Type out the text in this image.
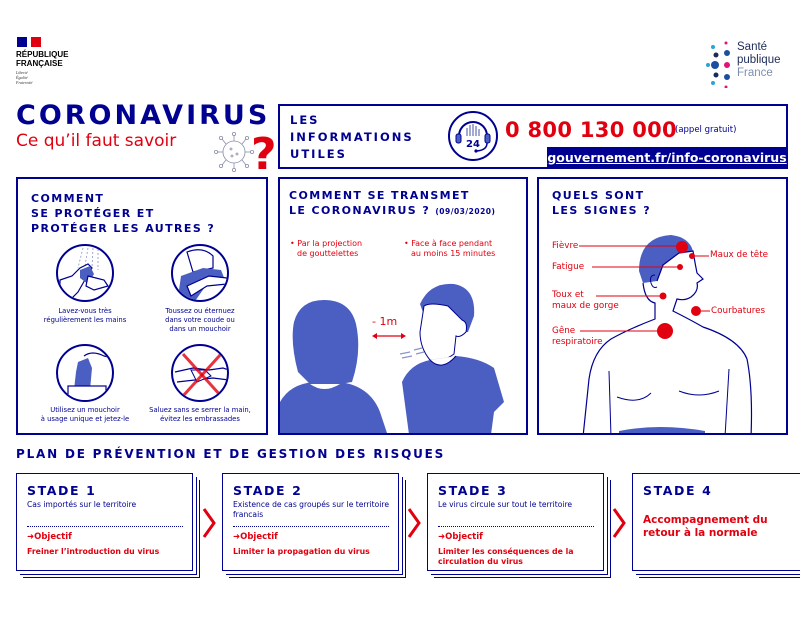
RÉPUBLIQUE
FRANÇAISE
Liberté
Égalité
Fraternité
Santé
publique
France
CORONAVIRUS
Ce qu’il faut savoir ?
LES
INFORMATIONS
UTILES
24
0 800 130 000
(appel gratuit)
gouvernement.fr/info-coronavirus
COMMENT
SE PROTÉGER ET
PROTÉGER LES AUTRES ?
Lavez-vous très
régulièrement les mains
Toussez ou éternuez
dans votre coude ou
dans un mouchoir
Utilisez un mouchoir
à usage unique et jetez-le
Saluez sans se serrer la main,
évitez les embrassades
COMMENT SE TRANSMET
LE CORONAVIRUS ? (09/03/2020)
• Par la projection
de gouttelettes
• Face à face pendant
au moins 15 minutes
- 1m
QUELS SONT
LES SIGNES ?
Fièvre
Maux de tête
Fatigue
Toux et
maux de gorge	Courbatures
Gêne
respiratoire
PLAN DE PRÉVENTION ET DE GESTION DES RISQUES
STADE 1
Cas importés sur le territoire
➜Objectif
Freiner l’introduction du virus
STADE 2
Existence de cas groupés sur le territoire francais
➜Objectif
Limiter la propagation du virus
STADE 3
Le virus circule sur tout le territoire
➜Objectif
Limiter les conséquences de la circulation du virus
STADE 4
Accompagnement du retour à la normale
